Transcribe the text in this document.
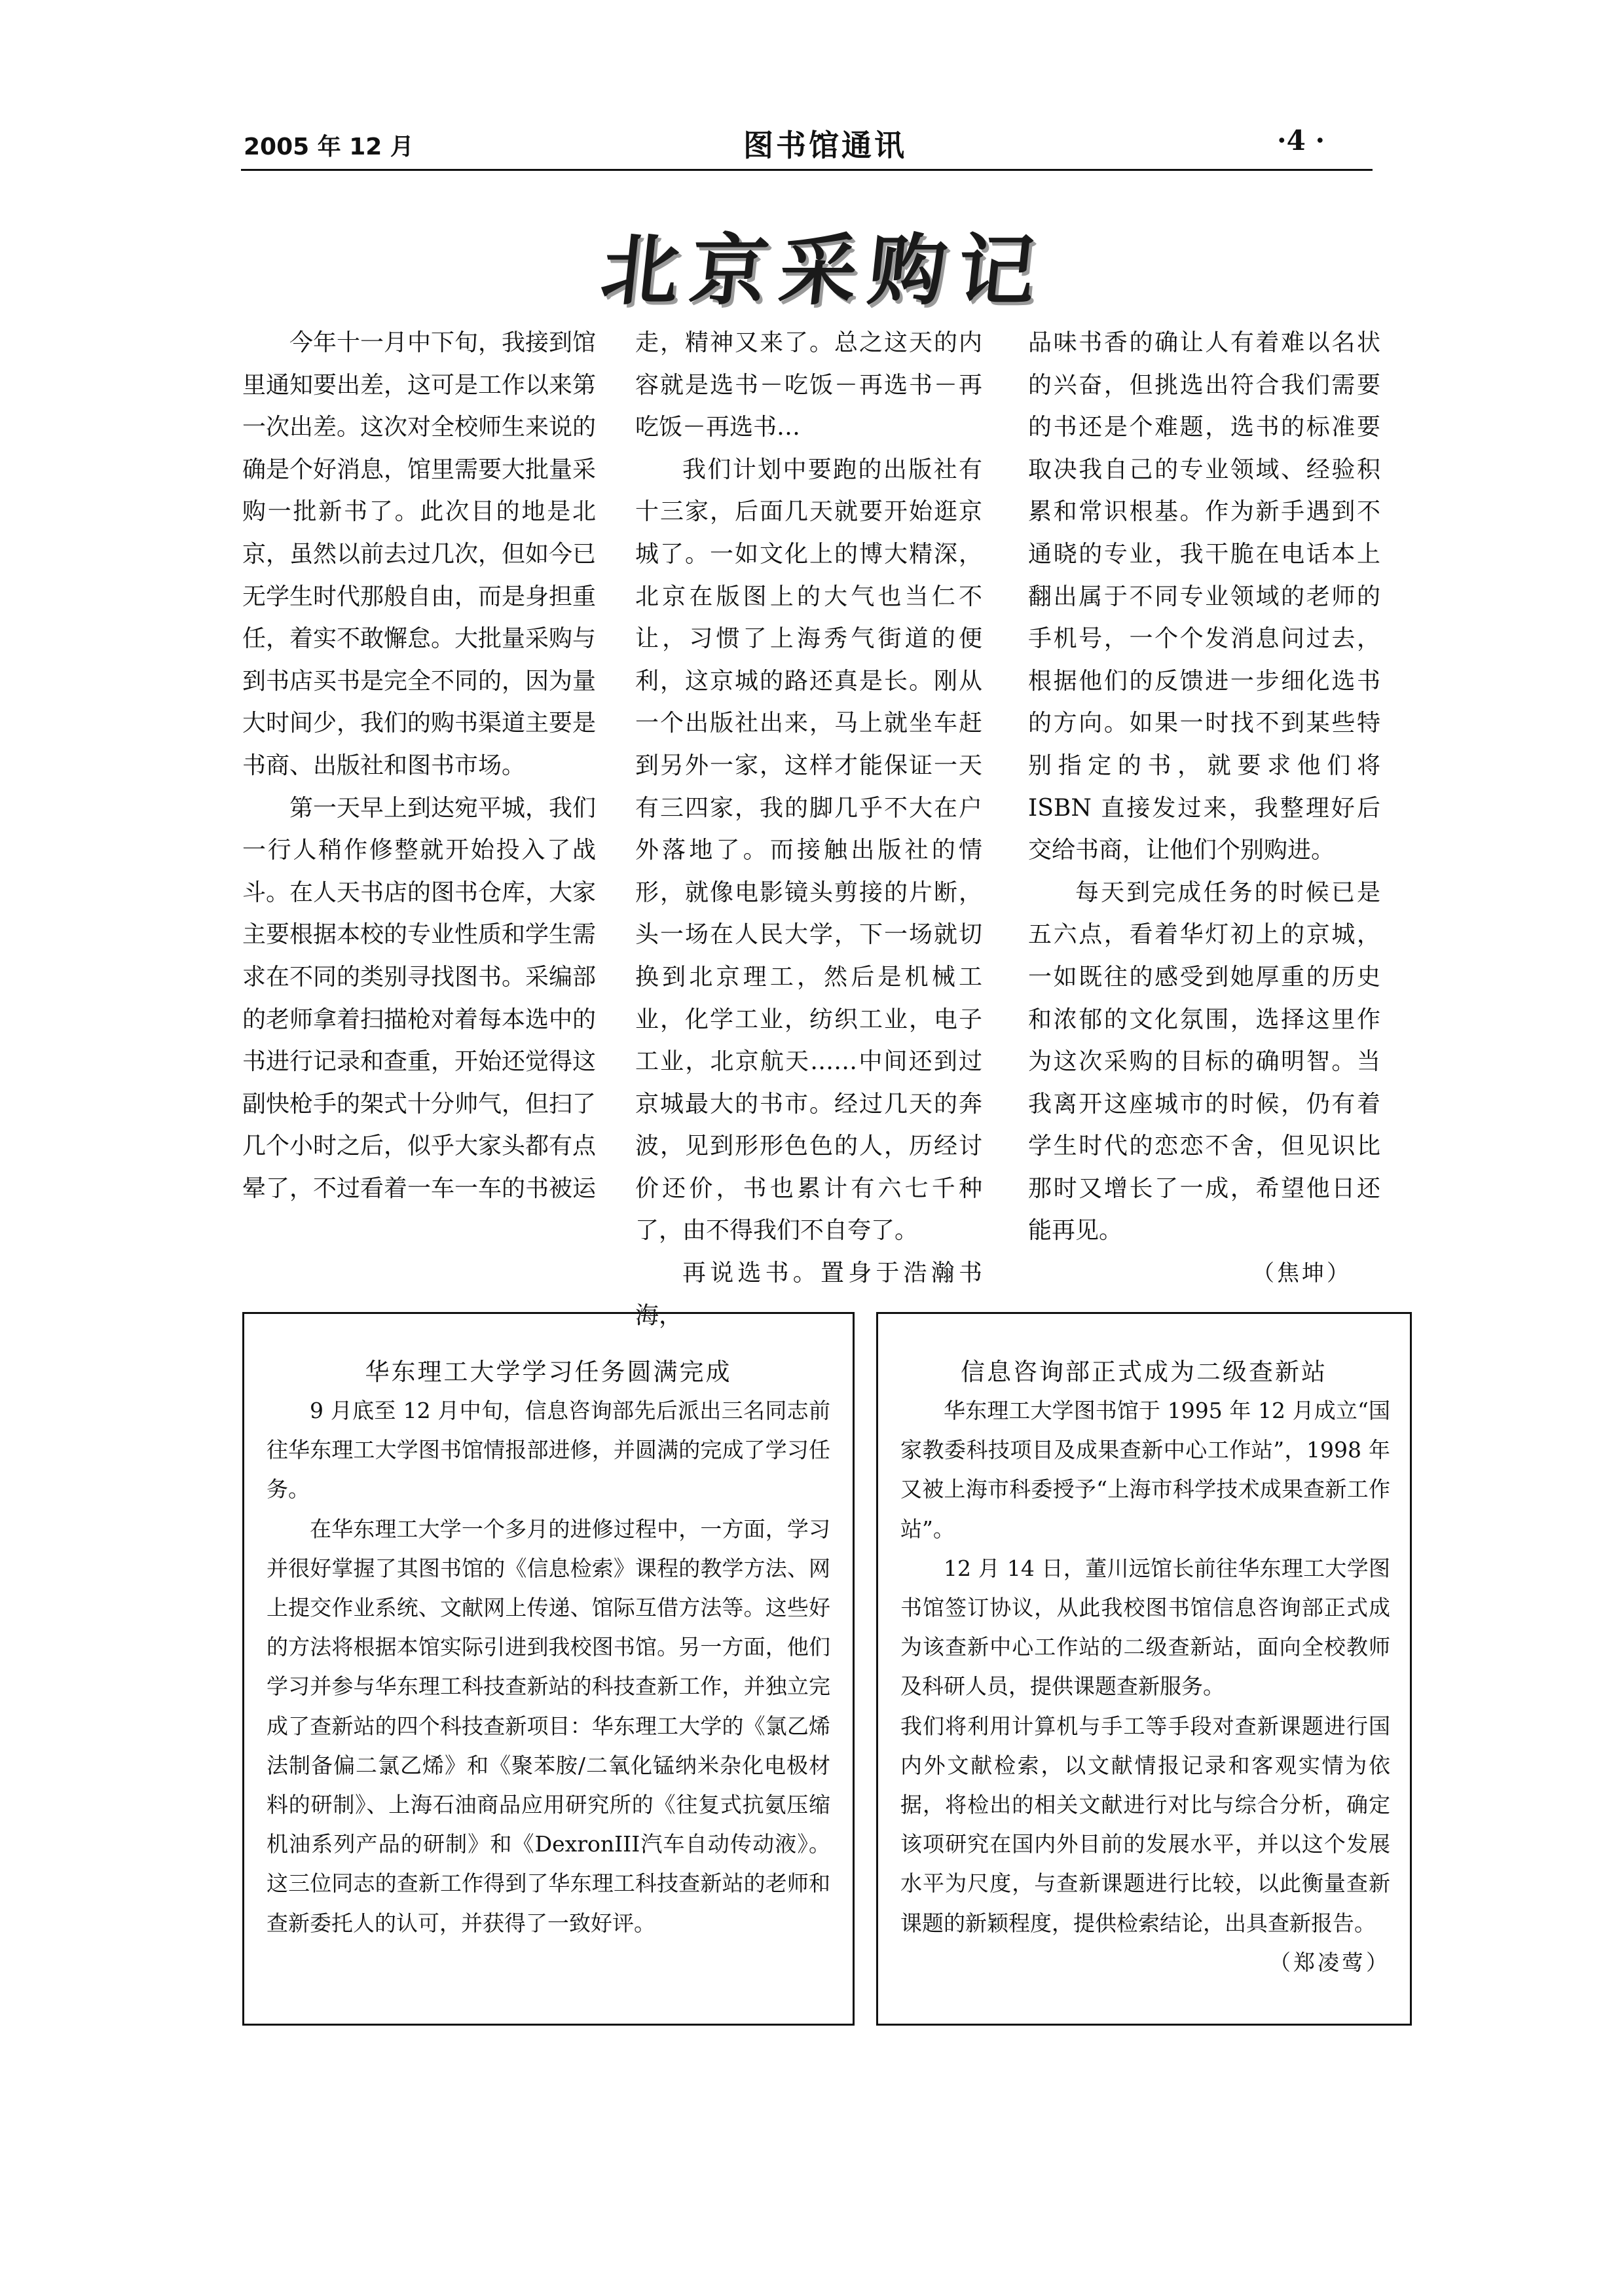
2005 年 12 月	图书馆通讯	·4 ·
北京采购记

今年十一月中下旬，我接到馆里通知要出差，这可是工作以来第一次出差。这次对全校师生来说的确是个好消息，馆里需要大批量采购一批新书了。此次目的地是北京，虽然以前去过几次，但如今已无学生时代那般自由，而是身担重任，着实不敢懈怠。大批量采购与到书店买书是完全不同的，因为量大时间少，我们的购书渠道主要是书商、出版社和图书市场。

第一天早上到达宛平城，我们一行人稍作修整就开始投入了战斗。在人天书店的图书仓库，大家主要根据本校的专业性质和学生需求在不同的类别寻找图书。采编部的老师拿着扫描枪对着每本选中的书进行记录和查重，开始还觉得这副快枪手的架式十分帅气，但扫了几个小时之后，似乎大家头都有点晕了，不过看着一车一车的书被运

走，精神又来了。总之这天的内容就是选书－吃饭－再选书－再吃饭－再选书…

我们计划中要跑的出版社有十三家，后面几天就要开始逛京城了。一如文化上的博大精深，北京在版图上的大气也当仁不让，习惯了上海秀气街道的便利，这京城的路还真是长。刚从一个出版社出来，马上就坐车赶到另外一家，这样才能保证一天有三四家，我的脚几乎不大在户外落地了。而接触出版社的情形，就像电影镜头剪接的片断，头一场在人民大学，下一场就切换到北京理工，然后是机械工业，化学工业，纺织工业，电子工业，北京航天……中间还到过京城最大的书市。经过几天的奔波，见到形形色色的人，历经讨价还价，书也累计有六七千种了，由不得我们不自夸了。

再说选书。置身于浩瀚书海，

品味书香的确让人有着难以名状的兴奋，但挑选出符合我们需要的书还是个难题，选书的标准要取决我自己的专业领域、经验积累和常识根基。作为新手遇到不通晓的专业，我干脆在电话本上翻出属于不同专业领域的老师的手机号，一个个发消息问过去，根据他们的反馈进一步细化选书的方向。如果一时找不到某些特别指定的书，就要求他们将 ISBN 直接发过来，我整理好后交给书商，让他们个别购进。

每天到完成任务的时候已是五六点，看着华灯初上的京城，一如既往的感受到她厚重的历史和浓郁的文化氛围，选择这里作为这次采购的目标的确明智。当我离开这座城市的时候，仍有着学生时代的恋恋不舍，但见识比那时又增长了一成，希望他日还能再见。

（焦坤）

华东理工大学学习任务圆满完成

9 月底至 12 月中旬，信息咨询部先后派出三名同志前往华东理工大学图书馆情报部进修，并圆满的完成了学习任务。

在华东理工大学一个多月的进修过程中，一方面，学习并很好掌握了其图书馆的《信息检索》课程的教学方法、网上提交作业系统、文献网上传递、馆际互借方法等。这些好的方法将根据本馆实际引进到我校图书馆。另一方面，他们学习并参与华东理工科技查新站的科技查新工作，并独立完成了查新站的四个科技查新项目：华东理工大学的《氯乙烯法制备偏二氯乙烯》和《聚苯胺/二氧化锰纳米杂化电极材料的研制》、上海石油商品应用研究所的《往复式抗氨压缩机油系列产品的研制》和《DexronIII汽车自动传动液》。这三位同志的查新工作得到了华东理工科技查新站的老师和查新委托人的认可，并获得了一致好评。

信息咨询部正式成为二级查新站

华东理工大学图书馆于 1995 年 12 月成立“国家教委科技项目及成果查新中心工作站”，1998 年又被上海市科委授予“上海市科学技术成果查新工作站”。

12 月 14 日，董川远馆长前往华东理工大学图书馆签订协议，从此我校图书馆信息咨询部正式成为该查新中心工作站的二级查新站，面向全校教师及科研人员，提供课题查新服务。

我们将利用计算机与手工等手段对查新课题进行国内外文献检索，以文献情报记录和客观实情为依据，将检出的相关文献进行对比与综合分析，确定该项研究在国内外目前的发展水平，并以这个发展水平为尺度，与查新课题进行比较，以此衡量查新课题的新颖程度，提供检索结论，出具查新报告。
（郑凌莺）
